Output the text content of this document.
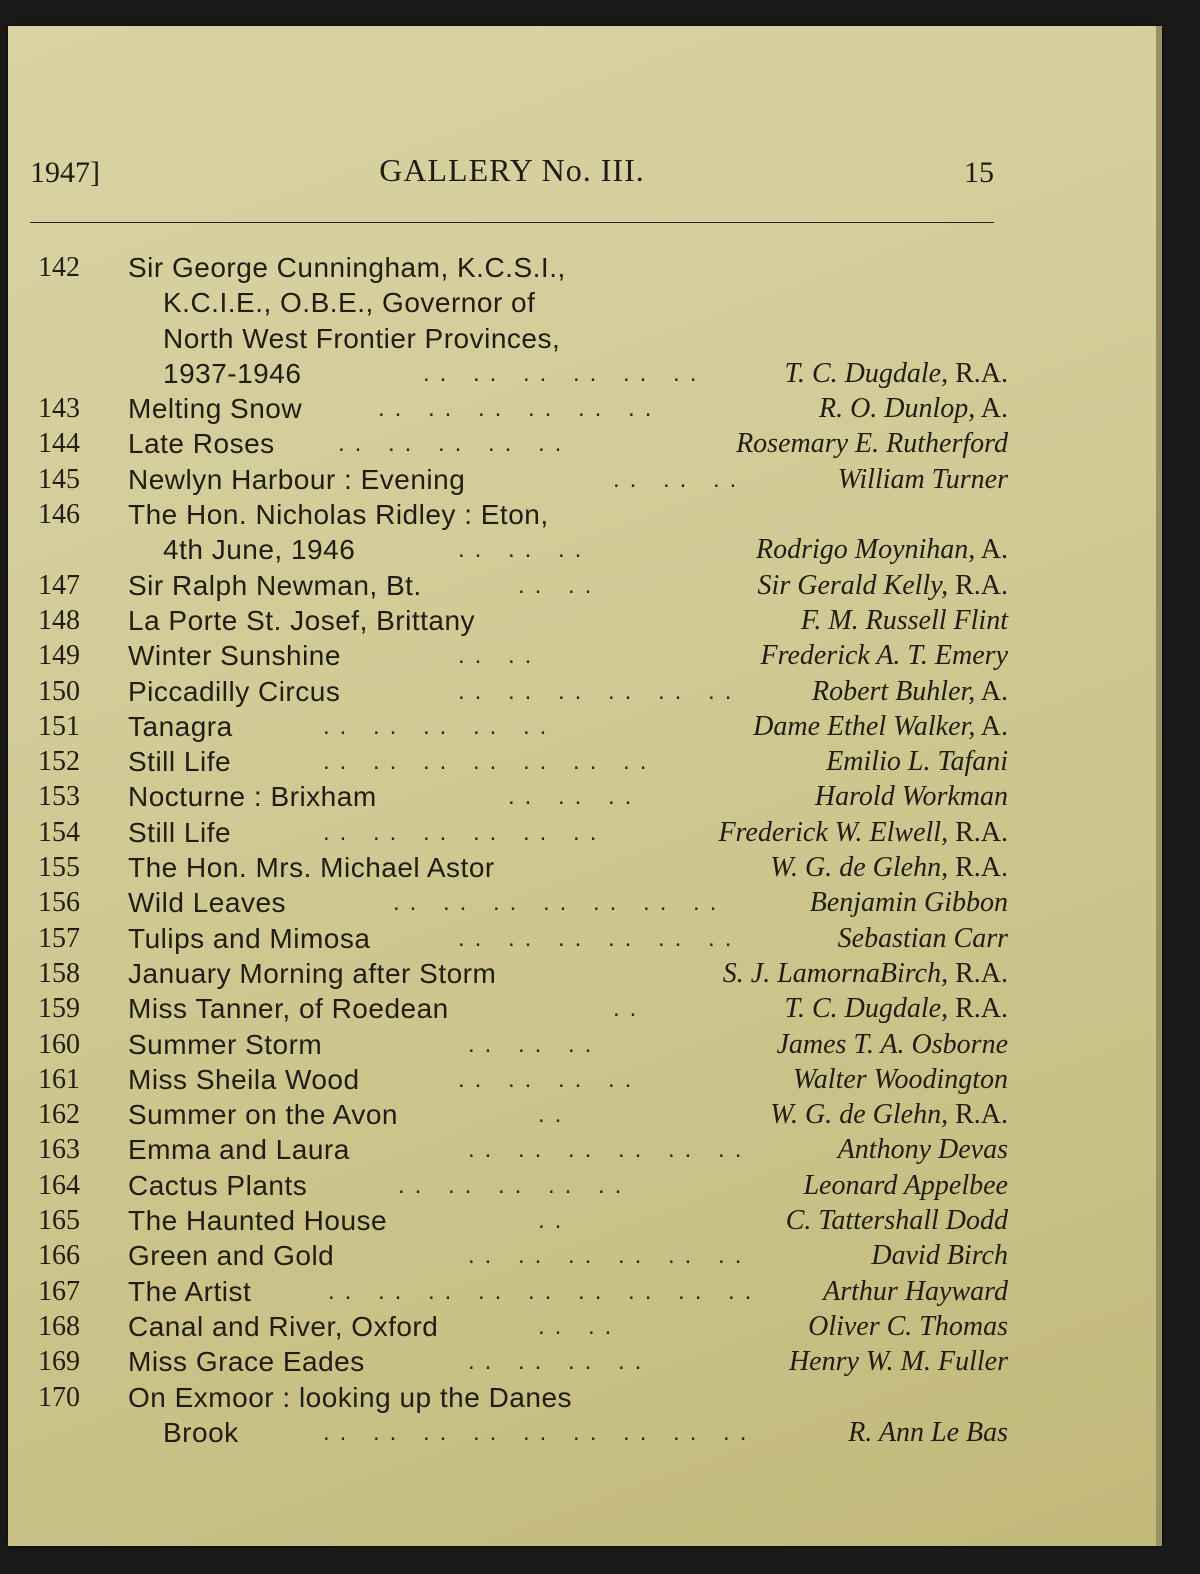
1947]	GALLERY No. III.	15
142	Sir George Cunningham, K.C.S.I.,
K.C.I.E., O.B.E., Governor of
North West Frontier Provinces,
1937-1946	.. .. .. .. .. ..	T. C. Dugdale, R.A.
143	Melting Snow	.. .. .. .. .. ..	R. O. Dunlop, A.
144	Late Roses	.. .. .. .. ..	Rosemary E. Rutherford
145	Newlyn Harbour : Evening	.. .. ..	William Turner
146	The Hon. Nicholas Ridley : Eton,
4th June, 1946	.. .. ..	Rodrigo Moynihan, A.
147	Sir Ralph Newman, Bt.	.. ..	Sir Gerald Kelly, R.A.
148	La Porte St. Josef, Brittany	F. M. Russell Flint
149	Winter Sunshine	.. ..	Frederick A. T. Emery
150	Piccadilly Circus	.. .. .. .. .. ..	Robert Buhler, A.
151	Tanagra	.. .. .. .. ..	Dame Ethel Walker, A.
152	Still Life	.. .. .. .. .. .. ..	Emilio L. Tafani
153	Nocturne : Brixham	.. .. ..	Harold Workman
154	Still Life	.. .. .. .. .. ..	Frederick W. Elwell, R.A.
155	The Hon. Mrs. Michael Astor	W. G. de Glehn, R.A.
156	Wild Leaves	.. .. .. .. .. .. ..	Benjamin Gibbon
157	Tulips and Mimosa	.. .. .. .. .. ..	Sebastian Carr
158	January Morning after Storm	S. J. LamornaBirch, R.A.
159	Miss Tanner, of Roedean	..	T. C. Dugdale, R.A.
160	Summer Storm	.. .. ..	James T. A. Osborne
161	Miss Sheila Wood	.. .. .. ..	Walter Woodington
162	Summer on the Avon	..	W. G. de Glehn, R.A.
163	Emma and Laura	.. .. .. .. .. ..	Anthony Devas
164	Cactus Plants	.. .. .. .. ..	Leonard Appelbee
165	The Haunted House	..	C. Tattershall Dodd
166	Green and Gold	.. .. .. .. .. ..	David Birch
167	The Artist	.. .. .. .. .. .. .. .. .. Arthur Hayward
168	Canal and River, Oxford	.. ..	Oliver C. Thomas
169	Miss Grace Eades	.. .. .. ..	Henry W. M. Fuller
170	On Exmoor : looking up the Danes
Brook	.. .. .. .. .. .. .. .. ..	R. Ann Le Bas
